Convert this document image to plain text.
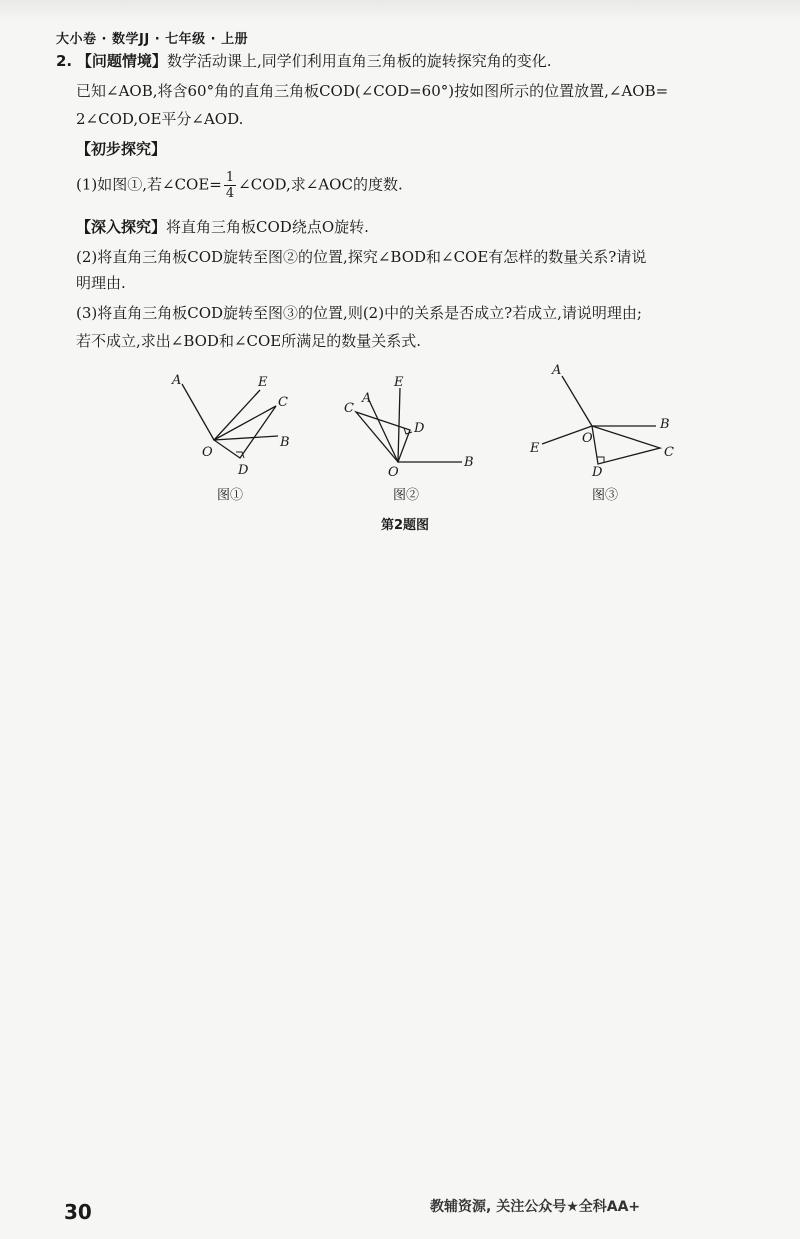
大小卷 · 数学JJ · 七年级 · 上册
2. 【问题情境】数学活动课上,同学们利用直角三角板的旋转探究角的变化.
已知∠AOB,将含60°角的直角三角板COD(∠COD=60°)按如图所示的位置放置,∠AOB=
2∠COD,OE平分∠AOD.
【初步探究】
(1)如图①,若∠COE= $\frac{1}{4}$ ∠COD,求∠AOC的度数.
【深入探究】将直角三角板COD绕点O旋转.
(2)将直角三角板COD旋转至图②的位置,探究∠BOD和∠COE有怎样的数量关系?请说
明理由.
(3)将直角三角板COD旋转至图③的位置,则(2)中的关系是否成立?若成立,请说明理由;
若不成立,求出∠BOD和∠COE所满足的数量关系式.
A	E
C
B
O
D
图①
C
A
E
D
O
B
图②
A
B
E
O
C
D
图③
第2题图
30	教辅资源, 关注公众号★全科AA+
